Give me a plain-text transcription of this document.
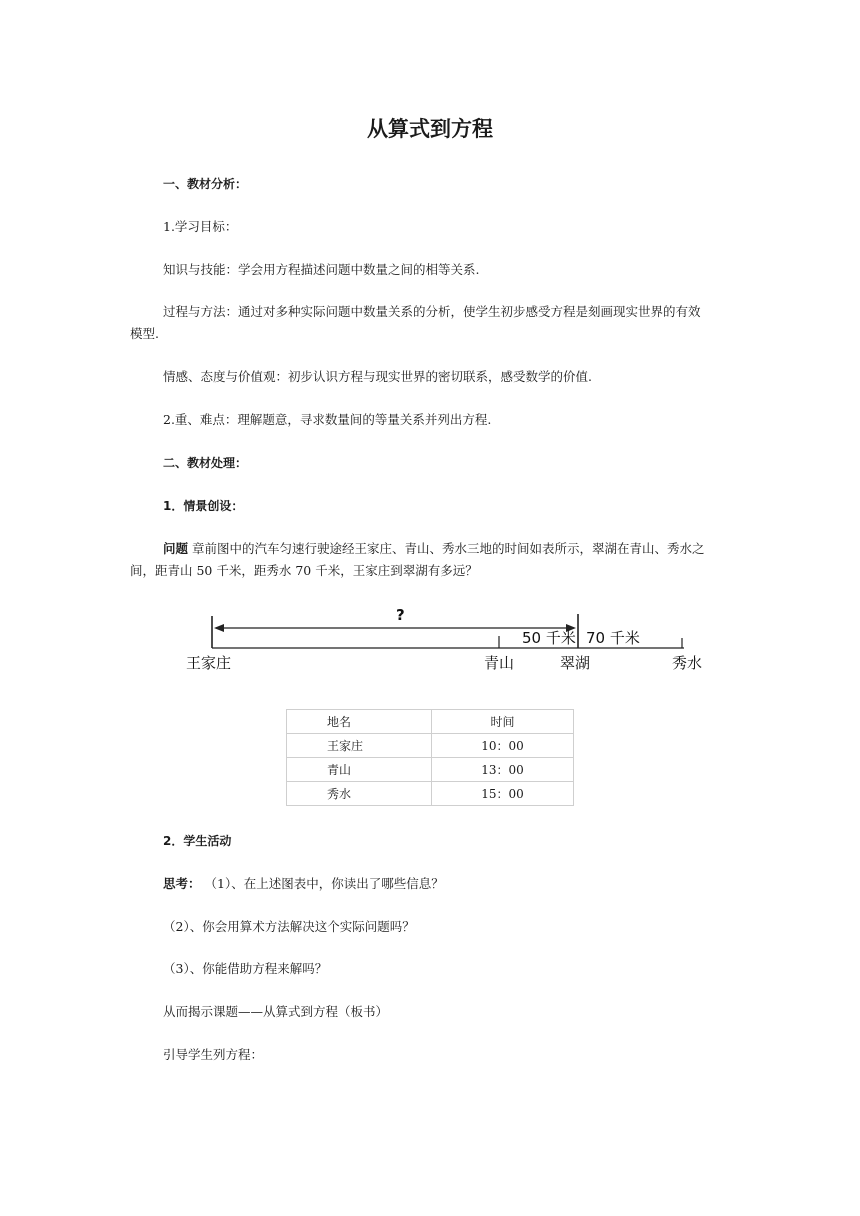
从算式到方程
一、教材分析：
1.学习目标：
知识与技能：学会用方程描述问题中数量之间的相等关系.
过程与方法：通过对多种实际问题中数量关系的分析，使学生初步感受方程是刻画现实世界的有效
模型.
情感、态度与价值观：初步认识方程与现实世界的密切联系，感受数学的价值.
2.重、难点：理解题意，寻求数量间的等量关系并列出方程.
二、教材处理：
1．情景创设：
问题 章前图中的汽车匀速行驶途经王家庄、青山、秀水三地的时间如表所示，翠湖在青山、秀水之
间，距青山 50 千米，距秀水 70 千米，王家庄到翠湖有多远？
?
50 千米 70 千米
王家庄	青山	翠湖	秀水
地名	时间
王家庄	10：00
青山	13：00
秀水	15：00
2．学生活动
思考： （1）、在上述图表中，你读出了哪些信息？
（2）、你会用算术方法解决这个实际问题吗？
（3）、你能借助方程来解吗？
从而揭示课题——从算式到方程（板书）
引导学生列方程：
